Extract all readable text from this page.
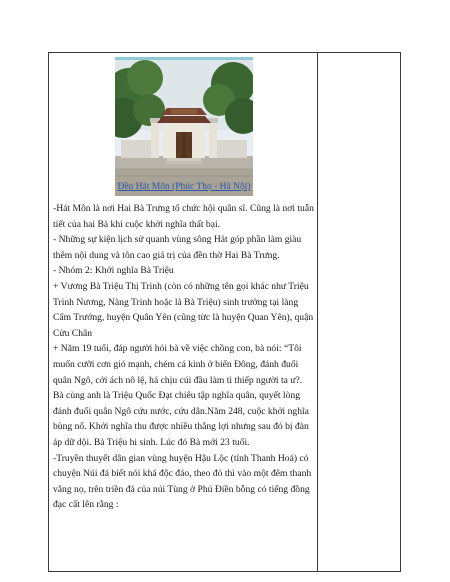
Đền Hát Môn (Phúc Thọ - Hà Nội)

-Hát Môn là nơi Hai Bà Trưng tổ chức hội quân sĩ. Cũng là nơi tuẫn tiết của hai Bà khi cuộc khởi nghĩa thất bại.

- Những sự kiện lịch sử quanh vùng sông Hát góp phần làm giàu thêm nội dung và tôn cao giá trị của đền thờ Hai Bà Trưng.

- Nhóm 2: Khởi nghĩa Bà Triệu

+ Vương Bà Triệu Thị Trinh (còn có những tên gọi khác như Triệu Trinh Nương, Nàng Trinh hoặc là Bà Triệu) sinh trưởng tại làng Cẩm Trướng, huyện Quân Yên (cũng từc là huyện Quan Yên), quận Cửu Chân

+ Năm 19 tuổi, đáp người hỏi bà về việc chồng con, bà nói: “Tôi muốn cưỡi cơn gió mạnh, chém cá kình ở biển Đông, đánh đuổi quân Ngô, cởi ách nô lệ, há chịu cúi đầu làm tì thiếp người ta ư?. Bà cùng anh là Triệu Quốc Đạt chiêu tập nghĩa quân, quyết lòng đánh đuổi quân Ngô cứu nước, cứu dân.Năm 248, cuộc khởi nghĩa bùng nổ. Khởi nghĩa thu được nhiều thắng lợi nhưng sau đó bị đàn áp dữ dội. Bà Triệu hi sinh. Lúc đó Bà mới 23 tuổi.

-Truyền thuyết dân gian vùng huyện Hậu Lộc (tỉnh Thanh Hoá) có chuyện Núi đá biết nói khá độc đáo, theo đó thì vào một đêm thanh vắng nọ, trên triền đá của núi Tùng ở Phú Điền bỗng có tiếng đồng đạc cất lên rằng :
